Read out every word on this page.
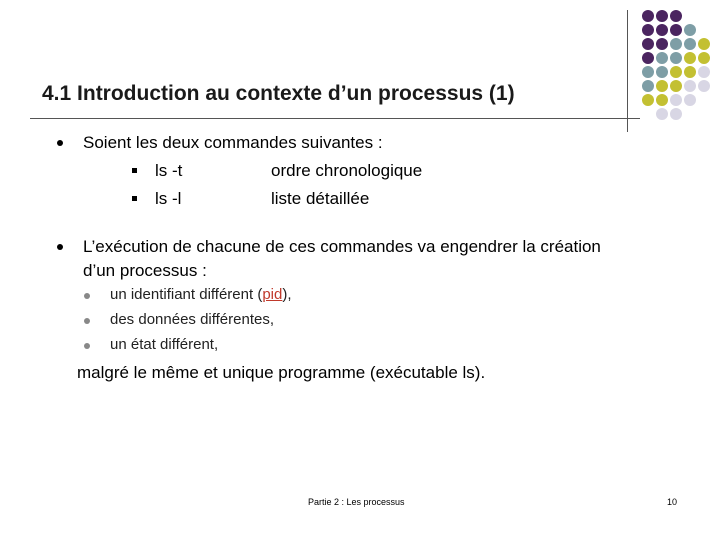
4.1 Introduction au contexte d’un processus (1)
Soient les deux commandes suivantes :
ls -t	ordre chronologique
ls -l	liste détaillée
L’exécution de chacune de ces commandes va engendrer la création
d’un processus :
un identifiant différent (pid),
des données différentes,
un état différent,
malgré le même et unique programme (exécutable ls).
Partie 2 : Les processus	10
